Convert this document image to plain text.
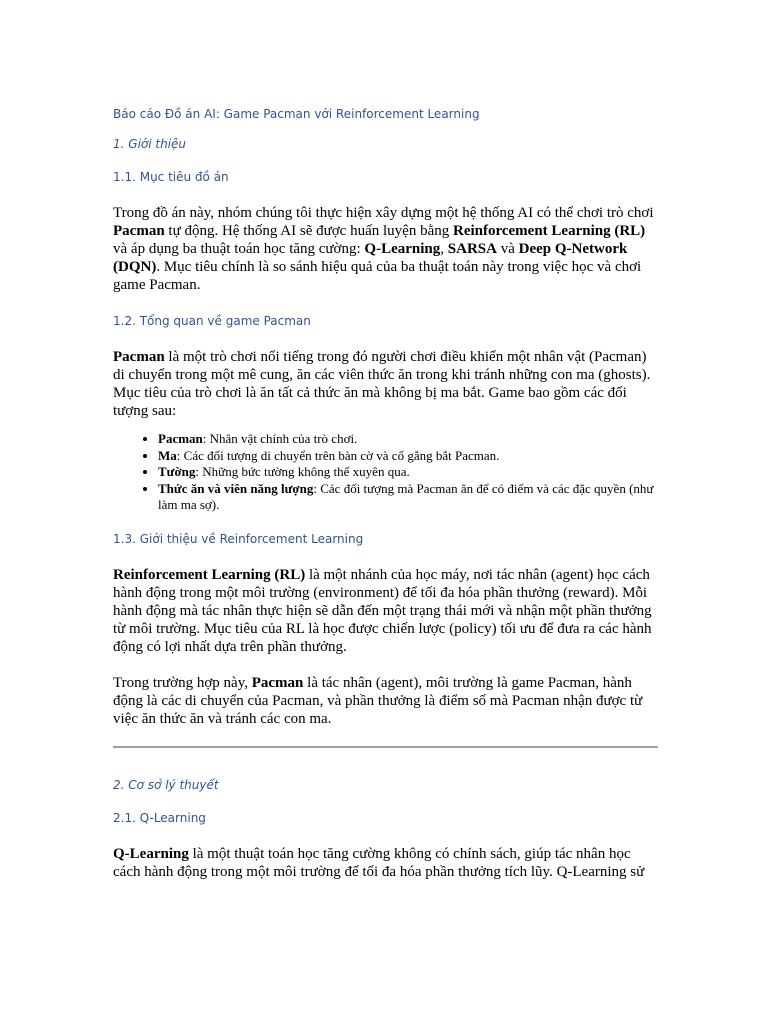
Báo cáo Đồ án AI: Game Pacman với Reinforcement Learning
1. Giới thiệu
1.1. Mục tiêu đồ án

Trong đồ án này, nhóm chúng tôi thực hiện xây dựng một hệ thống AI có thể chơi trò chơi Pacman tự động. Hệ thống AI sẽ được huấn luyện bằng Reinforcement Learning (RL) và áp dụng ba thuật toán học tăng cường: Q-Learning, SARSA và Deep Q-Network (DQN). Mục tiêu chính là so sánh hiệu quả của ba thuật toán này trong việc học và chơi game Pacman.

1.2. Tổng quan về game Pacman

Pacman là một trò chơi nổi tiếng trong đó người chơi điều khiển một nhân vật (Pacman) di chuyển trong một mê cung, ăn các viên thức ăn trong khi tránh những con ma (ghosts). Mục tiêu của trò chơi là ăn tất cả thức ăn mà không bị ma bắt. Game bao gồm các đối tượng sau:

• Pacman: Nhân vật chính của trò chơi.
• Ma: Các đối tượng di chuyển trên bàn cờ và cố gắng bắt Pacman.
• Tường: Những bức tường không thể xuyên qua.
• Thức ăn và viên năng lượng: Các đối tượng mà Pacman ăn để có điểm và các đặc quyền (như làm ma sợ).
1.3. Giới thiệu về Reinforcement Learning

Reinforcement Learning (RL) là một nhánh của học máy, nơi tác nhân (agent) học cách hành động trong một môi trường (environment) để tối đa hóa phần thưởng (reward). Mỗi hành động mà tác nhân thực hiện sẽ dẫn đến một trạng thái mới và nhận một phần thưởng từ môi trường. Mục tiêu của RL là học được chiến lược (policy) tối ưu để đưa ra các hành động có lợi nhất dựa trên phần thưởng.

Trong trường hợp này, Pacman là tác nhân (agent), môi trường là game Pacman, hành động là các di chuyển của Pacman, và phần thưởng là điểm số mà Pacman nhận được từ việc ăn thức ăn và tránh các con ma.

2. Cơ sở lý thuyết
2.1. Q-Learning

Q-Learning là một thuật toán học tăng cường không có chính sách, giúp tác nhân học cách hành động trong một môi trường để tối đa hóa phần thưởng tích lũy. Q-Learning sử
